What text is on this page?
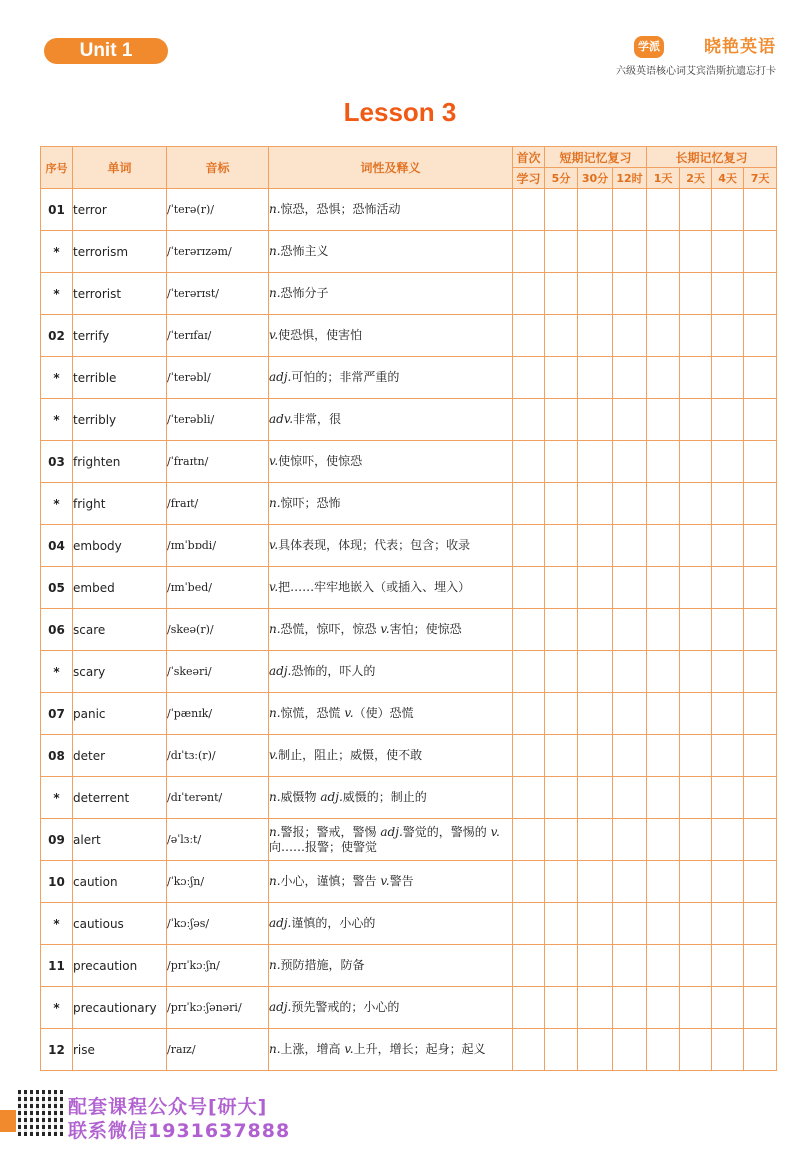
Unit 1	学派	晓艳英语
六级英语核心词艾宾浩斯抗遗忘打卡
Lesson 3
序号	单词	音标	词性及释义	首次	短期记忆复习			长期记忆复习			
				学习	5分	30分	12时	1天	2天	4天	7天
01	terror	/ˈterə(r)/	n.惊恐，恐惧；恐怖活动								
*	terrorism	/ˈterərɪzəm/	n.恐怖主义								
*	terrorist	/ˈterərɪst/	n.恐怖分子								
02	terrify	/ˈterɪfaɪ/	v.使恐惧，使害怕								
*	terrible	/ˈterəbl/	adj.可怕的；非常严重的								
*	terribly	/ˈterəbli/	adv.非常，很								
03	frighten	/ˈfraɪtn/	v.使惊吓，使惊恐								
*	fright	/fraɪt/	n.惊吓；恐怖								
04	embody	/ɪmˈbɒdi/	v.具体表现，体现；代表；包含；收录								
05	embed	/ɪmˈbed/	v.把……牢牢地嵌入（或插入、埋入）								
06	scare	/skeə(r)/	n.恐慌，惊吓，惊恐 v.害怕；使惊恐								
*	scary	/ˈskeəri/	adj.恐怖的，吓人的								
07	panic	/ˈpænɪk/	n.惊慌，恐慌 v.（使）恐慌								
08	deter	/dɪˈtɜː(r)/	v.制止，阻止；威慑，使不敢								
*	deterrent	/dɪˈterənt/	n.威慑物 adj.威慑的；制止的								
09	alert	/əˈlɜːt/	n.警报；警戒，警惕 adj.警觉的，警惕的 v.向……报警；使警觉								
10	caution	/ˈkɔːʃn/	n.小心，谨慎；警告 v.警告								
*	cautious	/ˈkɔːʃəs/	adj.谨慎的，小心的								
11	precaution	/prɪˈkɔːʃn/	n.预防措施，防备								
*	precautionary	/prɪˈkɔːʃənəri/	adj.预先警戒的；小心的								
12	rise	/raɪz/	n.上涨，增高 v.上升，增长；起身；起义								
配套课程公众号[研大]
联系微信1931637888
